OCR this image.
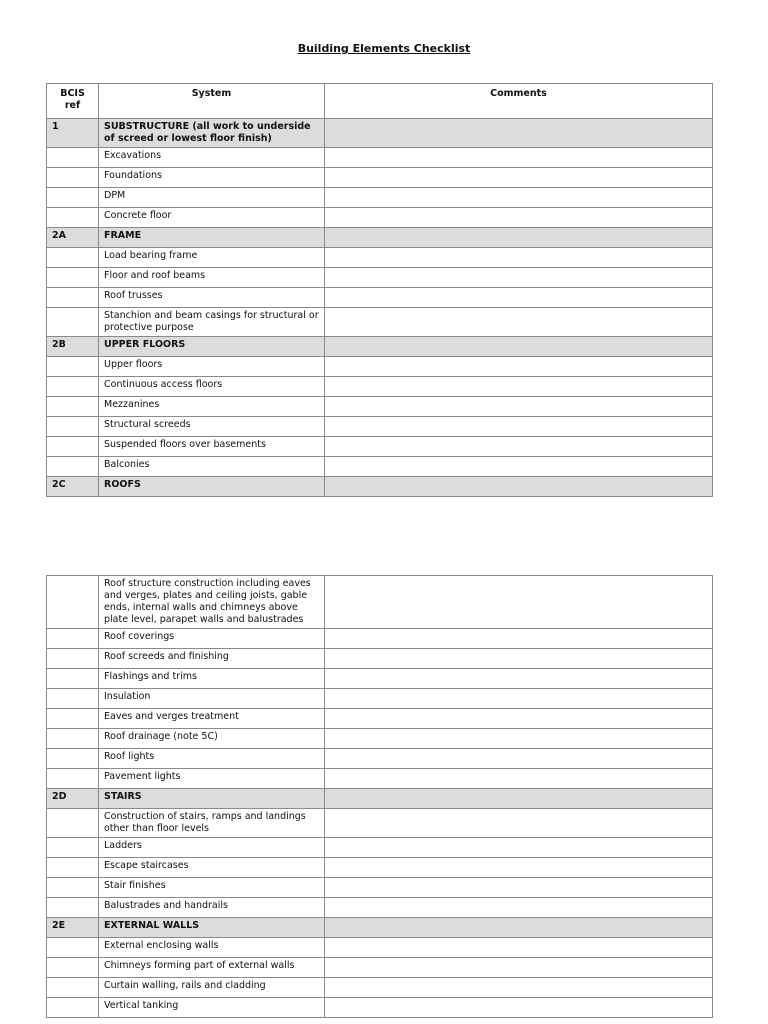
Building Elements Checklist
BCIS ref	System	Comments
1	SUBSTRUCTURE (all work to underside of screed or lowest floor finish)	
	Excavations	
	Foundations	
	DPM	
	Concrete floor	
2A	FRAME	
	Load bearing frame	
	Floor and roof beams	
	Roof trusses	
	Stanchion and beam casings for structural or protective purpose	
2B	UPPER FLOORS	
	Upper floors	
	Continuous access floors	
	Mezzanines	
	Structural screeds	
	Suspended floors over basements	
	Balconies	
2C	ROOFS	
	Roof structure construction including eaves and verges, plates and ceiling joists, gable ends, internal walls and chimneys above plate level, parapet walls and balustrades	
	Roof coverings	
	Roof screeds and finishing	
	Flashings and trims	
	Insulation	
	Eaves and verges treatment	
	Roof drainage (note 5C)	
	Roof lights	
	Pavement lights	
2D	STAIRS	
	Construction of stairs, ramps and landings other than floor levels	
	Ladders	
	Escape staircases	
	Stair finishes	
	Balustrades and handrails	
2E	EXTERNAL WALLS	
	External enclosing walls	
	Chimneys forming part of external walls	
	Curtain walling, rails and cladding	
	Vertical tanking	
